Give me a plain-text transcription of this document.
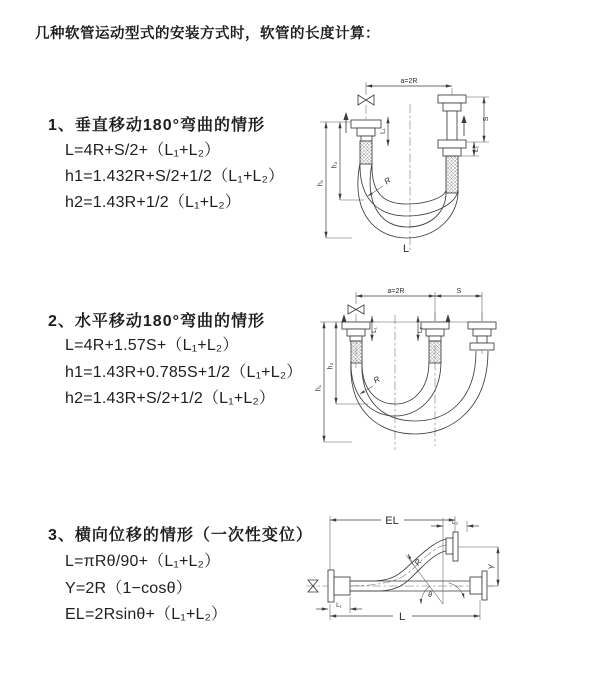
几种软管运动型式的安装方式时，软管的长度计算：
1、垂直移动180°弯曲的情形
L=4R+S/2+（L₁+L₂）
h1=1.432R+S/2+1/2（L₁+L₂）
h2=1.43R+1/2（L₁+L₂）
2、水平移动180°弯曲的情形
L=4R+1.57S+（L₁+L₂）
h1=1.43R+0.785S+1/2（L₁+L₂）
h2=1.43R+S/2+1/2（L₁+L₂）
3、横向位移的情形（一次性变位）
L=πRθ/90+（L₁+L₂）
Y=2R（1−cosθ）
EL=2Rsinθ+（L₁+L₂）
a=2R
h₁
h₂
L₁
S
L₂
R
L
a=2R	S
h₁
h₂
L₁	L₂
R
EL	L₂
Y
θ
R
L₁
L
